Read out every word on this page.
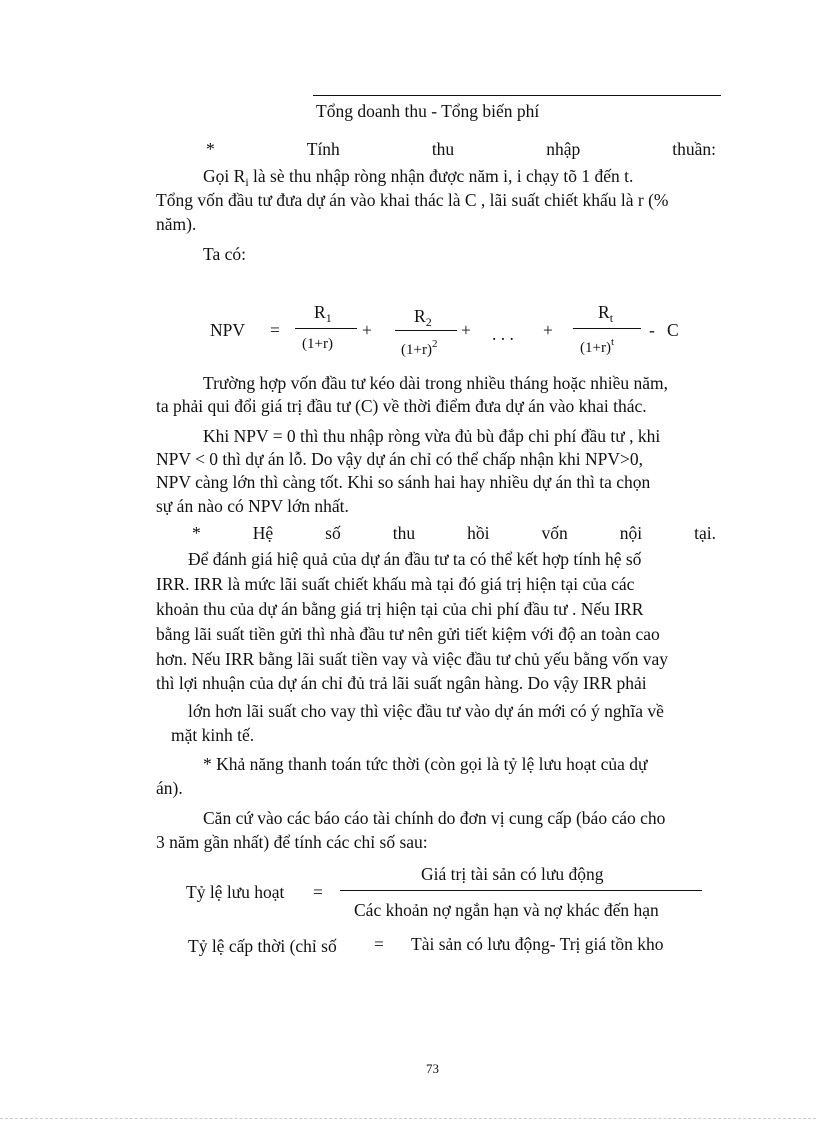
Tổng doanh thu - Tổng biến phí
*	Tính	thu	nhập	thuần:
Gọi $R_i$ là sè thu nhập ròng nhận được năm i, i chạy tõ 1 đến t.
Tổng vốn đầu tư đưa dự án vào khai thác là C , lãi suất chiết khấu là r (%
năm).
Ta có:
NPV =
$R_1$
(1+r)
+
$R_2$
$(1+r)^2$
+ . . . +
$R_t$
$(1+r)^t$
- C
Trường hợp vốn đầu tư kéo dài trong nhiều tháng hoặc nhiều năm,
ta phải qui đổi giá trị đầu tư (C) về thời điểm đưa dự án vào khai thác.
Khi NPV = 0 thì thu nhập ròng vừa đủ bù đắp chi phí đầu tư , khi
NPV < 0 thì dự án lỗ. Do vậy dự án chỉ có thể chấp nhận khi NPV>0,
NPV càng lớn thì càng tốt. Khi so sánh hai hay nhiều dự án thì ta chọn
sự án nào có NPV lớn nhất.
*	Hệ	số	thu	hồi	vốn	nội	tại.
Để đánh giá hiệ quả của dự án đầu tư ta có thể kết hợp tính hệ số
IRR. IRR là mức lãi suất chiết khấu mà tại đó giá trị hiện tại của các
khoản thu của dự án bằng giá trị hiện tại của chi phí đầu tư . Nếu IRR
bằng lãi suất tiền gửi thì nhà đầu tư nên gửi tiết kiệm với độ an toàn cao
hơn. Nếu IRR bằng lãi suất tiền vay và việc đầu tư chủ yếu bằng vốn vay
thì lợi nhuận của dự án chỉ đủ trả lãi suất ngân hàng. Do vậy IRR phải
lớn hơn lãi suất cho vay thì việc đầu tư vào dự án mới có ý nghĩa về
mặt kinh tế.
* Khả năng thanh toán tức thời (còn gọi là tỷ lệ lưu hoạt của dự
án).
Căn cứ vào các báo cáo tài chính do đơn vị cung cấp (báo cáo cho
3 năm gần nhất) để tính các chỉ số sau:
Tỷ lệ lưu hoạt =
Giá trị tài sản có lưu động
Các khoản nợ ngắn hạn và nợ khác đến hạn
Tỷ lệ cấp thời (chỉ số = Tài sản có lưu động- Trị giá tồn kho
73
